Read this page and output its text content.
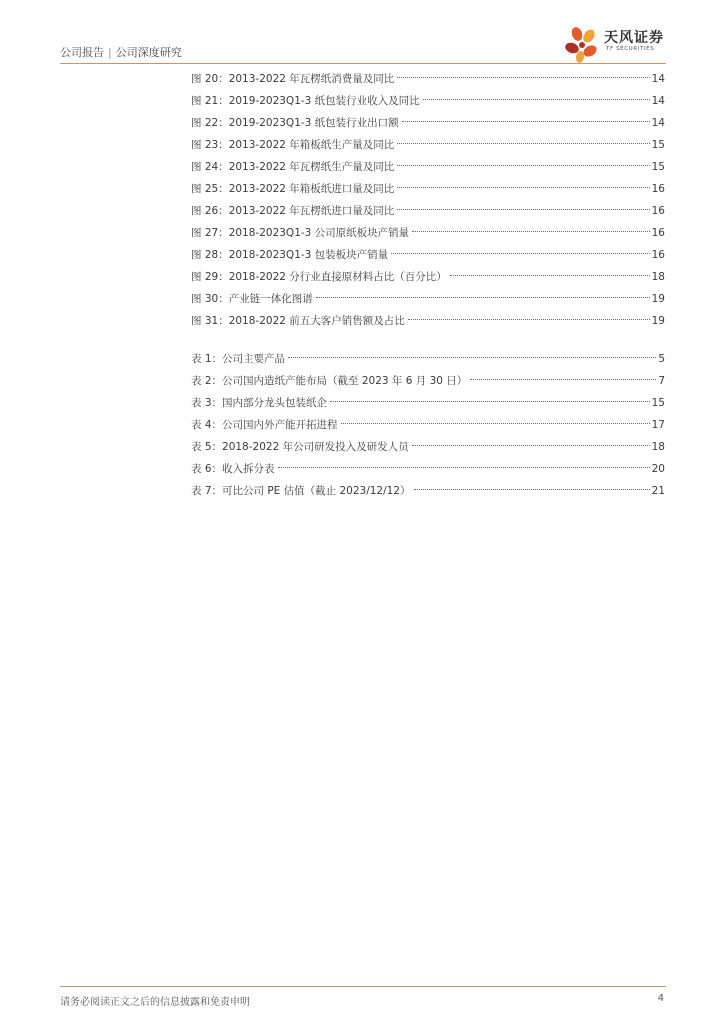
公司报告 | 公司深度研究
天风证券
TF SECURITIES
图 20：2013-2022 年瓦楞纸消费量及同比	14
图 21：2019-2023Q1-3 纸包装行业收入及同比	14
图 22：2019-2023Q1-3 纸包装行业出口额	14
图 23：2013-2022 年箱板纸生产量及同比	15
图 24：2013-2022 年瓦楞纸生产量及同比	15
图 25：2013-2022 年箱板纸进口量及同比	16
图 26：2013-2022 年瓦楞纸进口量及同比	16
图 27：2018-2023Q1-3 公司原纸板块产销量	16
图 28：2018-2023Q1-3 包装板块产销量	16
图 29：2018-2022 分行业直接原材料占比（百分比）	18
图 30：产业链一体化图谱	19
图 31：2018-2022 前五大客户销售额及占比	19
表 1：公司主要产品	5
表 2：公司国内造纸产能布局（截至 2023 年 6 月 30 日）	7
表 3：国内部分龙头包装纸企	15
表 4：公司国内外产能开拓进程	17
表 5：2018-2022 年公司研发投入及研发人员	18
表 6：收入拆分表	20
表 7：可比公司 PE 估值（截止 2023/12/12）	21
请务必阅读正文之后的信息披露和免责申明	4
